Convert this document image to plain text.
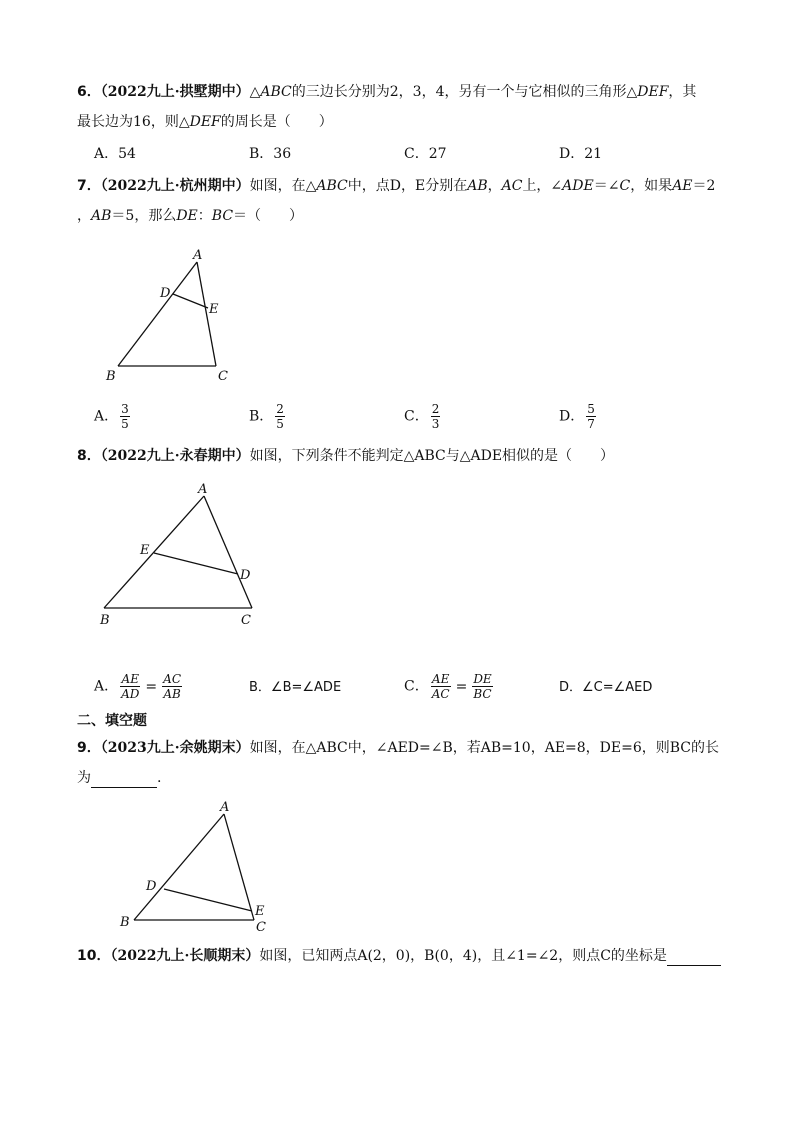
6．（2022九上·拱墅期中）△ABC的三边长分别为2，3，4，另有一个与它相似的三角形△DEF，其
最长边为16，则△DEF的周长是（　　）
A．54	B．36	C．27	D．21
7．（2022九上·杭州期中）如图，在△ABC中，点D，E分别在AB，AC上，∠ADE＝∠C，如果AE＝2
，AB＝5，那么DE：BC＝（　　）
A
B	C
D
E
A． $\frac{3}{5}$	B． $\frac{2}{5}$	C． $\frac{2}{3}$	D． $\frac{5}{7}$
8．（2022九上·永春期中）如图，下列条件不能判定△ABC与△ADE相似的是（　　）
A
B	C
D
E
A． $\frac{AE}{AD} = \frac{AC}{AB}$	B．∠B=∠ADE	C． $\frac{AE}{AC} = \frac{DE}{BC}$	D．∠C=∠AED
二、填空题
9．（2023九上·余姚期末）如图，在△ABC中，∠AED=∠B，若AB=10，AE=8，DE=6，则BC的长
为	.
A
B	C
D
E
10．（2022九上·长顺期末）如图，已知两点A(2，0)，B(0，4)，且∠1=∠2，则点C的坐标是
